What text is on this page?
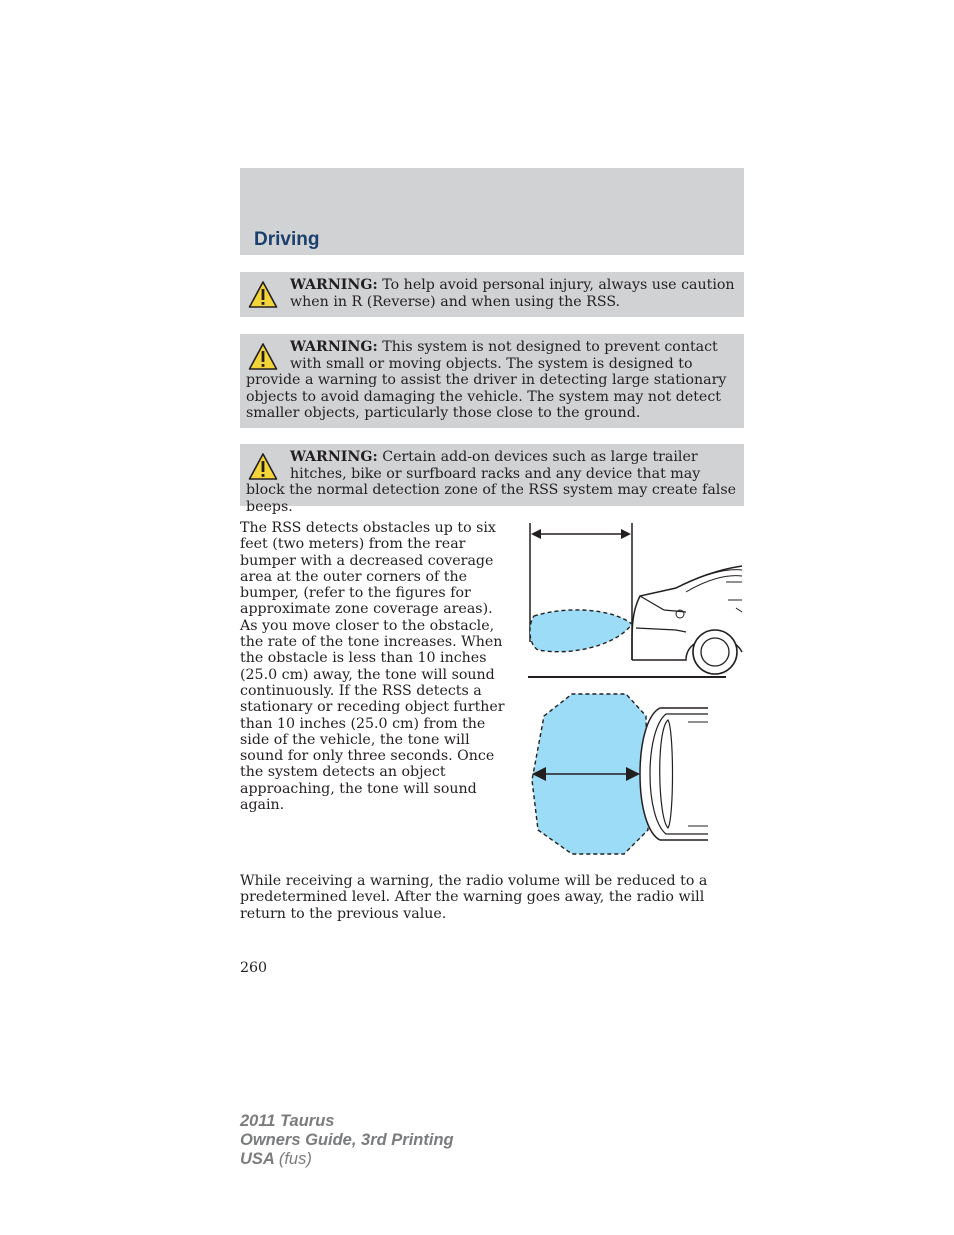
Driving
WARNING: To help avoid personal injury, always use caution when in R (Reverse) and when using the RSS.
WARNING: This system is not designed to prevent contact with small or moving objects. The system is designed to provide a warning to assist the driver in detecting large stationary objects to avoid damaging the vehicle. The system may not detect smaller objects, particularly those close to the ground.
WARNING: Certain add-on devices such as large trailer hitches, bike or surfboard racks and any device that may block the normal detection zone of the RSS system may create false beeps.
The RSS detects obstacles up to six feet (two meters) from the rear bumper with a decreased coverage area at the outer corners of the bumper, (refer to the figures for approximate zone coverage areas). As you move closer to the obstacle, the rate of the tone increases. When the obstacle is less than 10 inches (25.0 cm) away, the tone will sound continuously. If the RSS detects a stationary or receding object further than 10 inches (25.0 cm) from the side of the vehicle, the tone will sound for only three seconds. Once the system detects an object approaching, the tone will sound again.
While receiving a warning, the radio volume will be reduced to a predetermined level. After the warning goes away, the radio will return to the previous value.
260
2011 Taurus
Owners Guide, 3rd Printing
USA (fus)
